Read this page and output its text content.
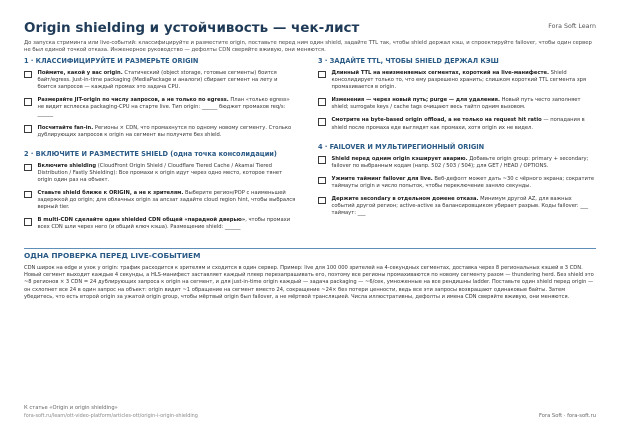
Origin shielding и устойчивость — чек-лист	Fora Soft Learn
До запуска стриминга или live-событий: классифицируйте и разместите origin, поставьте перед ним один shield, задайте TTL так, чтобы shield держал кэш, и спроектируйте failover, чтобы один сервер не был единой точкой отказа. Инженерное руководство — дефолты CDN сверяйте вживую, они меняются.
1 · КЛАССИФИЦИРУЙТЕ И РАЗМЕРЬТЕ ORIGIN
Поймите, какой у вас origin. Статический (object storage, готовые сегменты) боится байт/egress. Just-in-time packaging (MediaPackage и аналоги) сбирает сегмент на лету и боится запросов — каждый промах это задача CPU.
Размеряйте JIT-origin по числу запросов, а не только по egress. План «только egress» не видит всплеска packaging-CPU на старте live. Тип origin: ______ бюджет промахов req/s: ______
Посчитайте fan-in. Регионы × CDN, что промахнутся по одному новому сегменту. Столько дублирующих запросов к origin на сегмент вы получите без shield.
2 · ВКЛЮЧИТЕ И РАЗМЕСТИТЕ SHIELD (одна точка консолидации)
Включите shielding (CloudFront Origin Shield / Cloudflare Tiered Cache / Akamai Tiered Distribution / Fastly Shielding): Все промахи к origin идут через одно место, которое тянет origin один раз на объект.
Ставьте shield ближе к ORIGIN, а не к зрителям. Выберите регион/POP с наименьшей задержкой до origin; для облачных origin за апсзат задайте cloud region hint, чтобы выбрался верный tier.
В multi-CDN сделайте один shielded CDN общей «парадной дверью», чтобы промахи всех CDN шли через него (и общий ключ кэша). Размещение shield: ______
3 · ЗАДАЙТЕ TTL, ЧТОБЫ SHIELD ДЕРЖАЛ КЭШ
Длинный TTL на неизменяемых сегментах, короткий на live-манифесте. Shield консолидирует только то, что ему разрешено хранить; слишком короткий TTL сегмента зря промахивается в origin.
Изменения — через новый путь; purge — для удаления. Новый путь често заполняет shield; surrogate keys / cache tags очищают весь тайтл одним вызовом.
Смотрите на byte-based origin offload, а не только на request hit ratio — попадания в shield после промаха еде выглядят как промахи, хотя origin их не видел.
4 · FAILOVER И МУЛЬТИРЕГИОННЫЙ ORIGIN
Shield перед одним origin кэширует аварию. Добавьте origin group: primary + secondary; failover по выбранным кодам (напр. 502 / 503 / 504); для GET / HEAD / OPTIONS.
Ужмите тайминг failover для live. Веб-дефолт может дать ~30 с чёрного экрана; сократите таймауты origin и число попыток, чтобы переключение заняло секунды.
Держите secondary в отдельном домене отказа. Минимум другой AZ, для важных событий другой регион; active-active за балансировщиком убирает разрыв. Коды failover: ___ таймаут: ___
ОДНА ПРОВЕРКА ПЕРЕД LIVE-СОБЫТИЕМ
CDN широк на edge и узок у origin: трафик расходится к зрителям и сходится в один сервер. Пример: live для 100 000 зрителей на 4-секундных сегментах, доставка через 8 региональных кэшей в 3 CDN. Новый сегмент выходит каждые 4 секунды, а HLS-манифест заставляет каждый плеер перезапрашивать его, поэтому все регионы промахиваются по новому сегменту разом — thundering herd. Без shield это ~8 регионов × 3 CDN = 24 дублирующих запроса к origin на сегмент, и для just-in-time origin каждый — задача packaging — ~6/сек, умноженные на все рендишны ladder. Поставьте один shield перед origin — он схлопнет все 24 в один запрос на объект: origin видит ~1 обращение на сегмент вместо 24, сокращение ~24× без потери ценности, ведь все эти запросы возвращают одинаковые байты. Затем убедитесь, что есть второй origin за ужатой origin group, чтобы мёртвый origin был failover, а не мёртвой трансляцией. Числа иллюстративны, дефолты и имена CDN сверяйте вживую, они меняются.
К статье «Origin и origin shielding»
fora-soft.ru/learn/ott-video-platform/articles-ott/origin-i-origin-shielding	Fora Soft · fora-soft.ru
